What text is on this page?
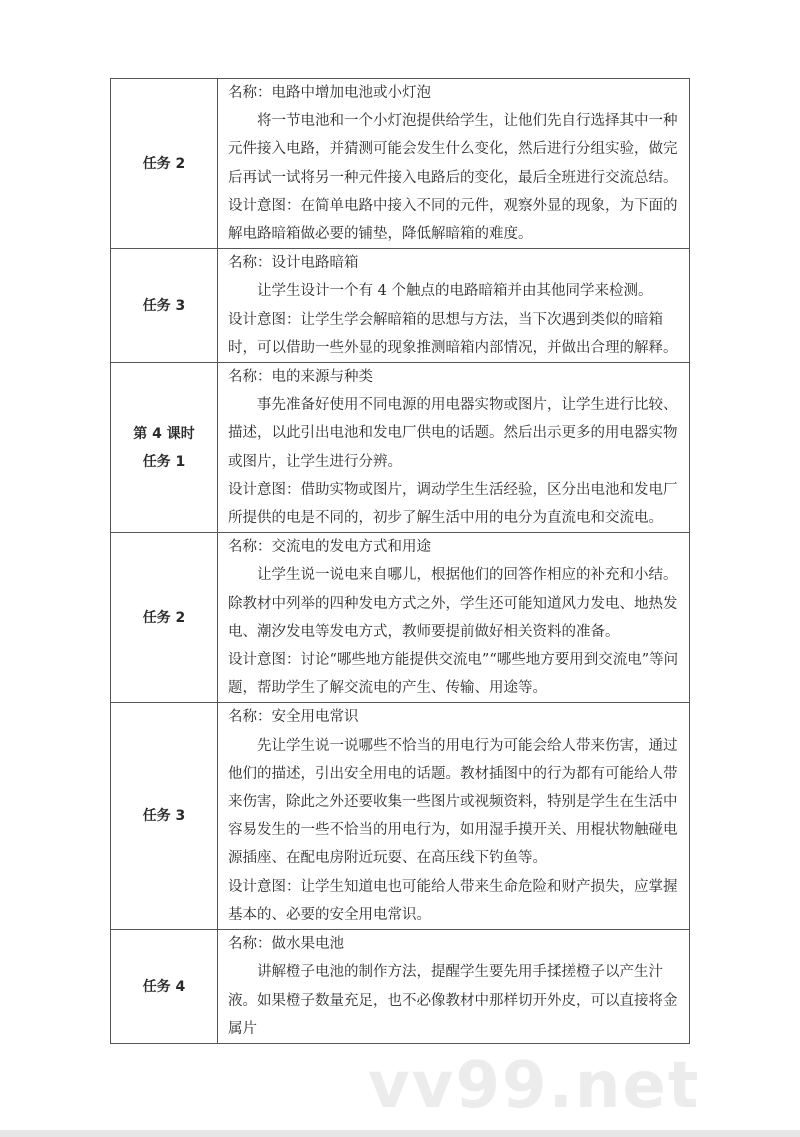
任务 2	名称：电路中增加电池或小灯泡
将一节电池和一个小灯泡提供给学生，让他们先自行选择其中一种元件接入电路，并猜测可能会发生什么变化，然后进行分组实验，做完后再试一试将另一种元件接入电路后的变化，最后全班进行交流总结。
设计意图：在简单电路中接入不同的元件，观察外显的现象，为下面的解电路暗箱做必要的铺垫，降低解暗箱的难度。

任务 3	名称：设计电路暗箱
让学生设计一个有 4 个触点的电路暗箱并由其他同学来检测。
设计意图：让学生学会解暗箱的思想与方法，当下次遇到类似的暗箱时，可以借助一些外显的现象推测暗箱内部情况，并做出合理的解释。

第 4 课时
任务 1	名称：电的来源与种类
事先准备好使用不同电源的用电器实物或图片，让学生进行比较、描述，以此引出电池和发电厂供电的话题。然后出示更多的用电器实物或图片，让学生进行分辨。
设计意图：借助实物或图片，调动学生生活经验，区分出电池和发电厂所提供的电是不同的，初步了解生活中用的电分为直流电和交流电。

任务 2	名称：交流电的发电方式和用途
让学生说一说电来自哪儿，根据他们的回答作相应的补充和小结。
除教材中列举的四种发电方式之外，学生还可能知道风力发电、地热发电、潮汐发电等发电方式，教师要提前做好相关资料的准备。
设计意图：讨论“哪些地方能提供交流电”“哪些地方要用到交流电”等问题，帮助学生了解交流电的产生、传输、用途等。

任务 3	名称：安全用电常识
先让学生说一说哪些不恰当的用电行为可能会给人带来伤害，通过他们的描述，引出安全用电的话题。教材插图中的行为都有可能给人带来伤害，除此之外还要收集一些图片或视频资料，特别是学生在生活中容易发生的一些不恰当的用电行为，如用湿手摸开关、用棍状物触碰电源插座、在配电房附近玩耍、在高压线下钓鱼等。
设计意图：让学生知道电也可能给人带来生命危险和财产损失，应掌握基本的、必要的安全用电常识。

任务 4	名称：做水果电池
讲解橙子电池的制作方法，提醒学生要先用手揉搓橙子以产生汁液。如果橙子数量充足，也不必像教材中那样切开外皮，可以直接将金属片
vv99.net
